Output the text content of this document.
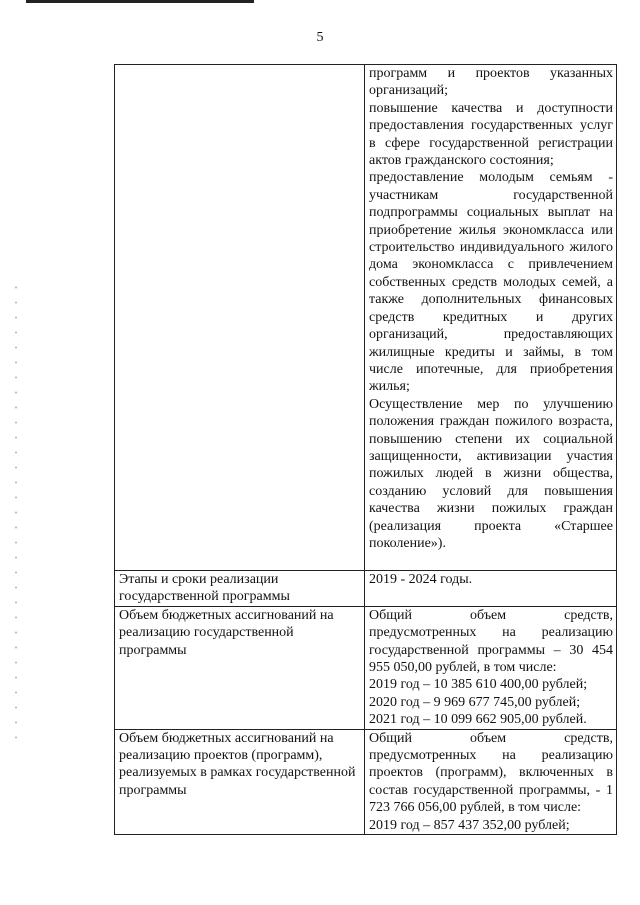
5

	программ и проектов указанных организаций;
повышение качества и доступности предоставления государственных услуг в сфере государственной регистрации актов гражданского состояния;
предоставление молодым семьям - участникам государственной подпрограммы социальных выплат на приобретение жилья экономкласса или строительство индивидуального жилого дома экономкласса с привлечением собственных средств молодых семей, а также дополнительных финансовых средств кредитных и других организаций, предоставляющих жилищные кредиты и займы, в том числе ипотечные, для приобретения жилья;
Осуществление мер по улучшению положения граждан пожилого возраста, повышению степени их социальной защищенности, активизации участия пожилых людей в жизни общества, созданию условий для повышения качества жизни пожилых граждан (реализация проекта «Старшее поколение»).

Этапы и сроки реализации государственной программы	2019 - 2024 годы.

Объем бюджетных ассигнований на реализацию государственной программы	Общий объем средств, предусмотренных на реализацию государственной программы – 30 454 955 050,00 рублей, в том числе:
2019 год – 10 385 610 400,00 рублей;
2020 год – 9 969 677 745,00 рублей;
2021 год – 10 099 662 905,00 рублей.

Объем бюджетных ассигнований на реализацию проектов (программ), реализуемых в рамках государственной программы	Общий объем средств, предусмотренных на реализацию проектов (программ), включенных в состав государственной программы, - 1 723 766 056,00 рублей, в том числе:
2019 год – 857 437 352,00 рублей;
